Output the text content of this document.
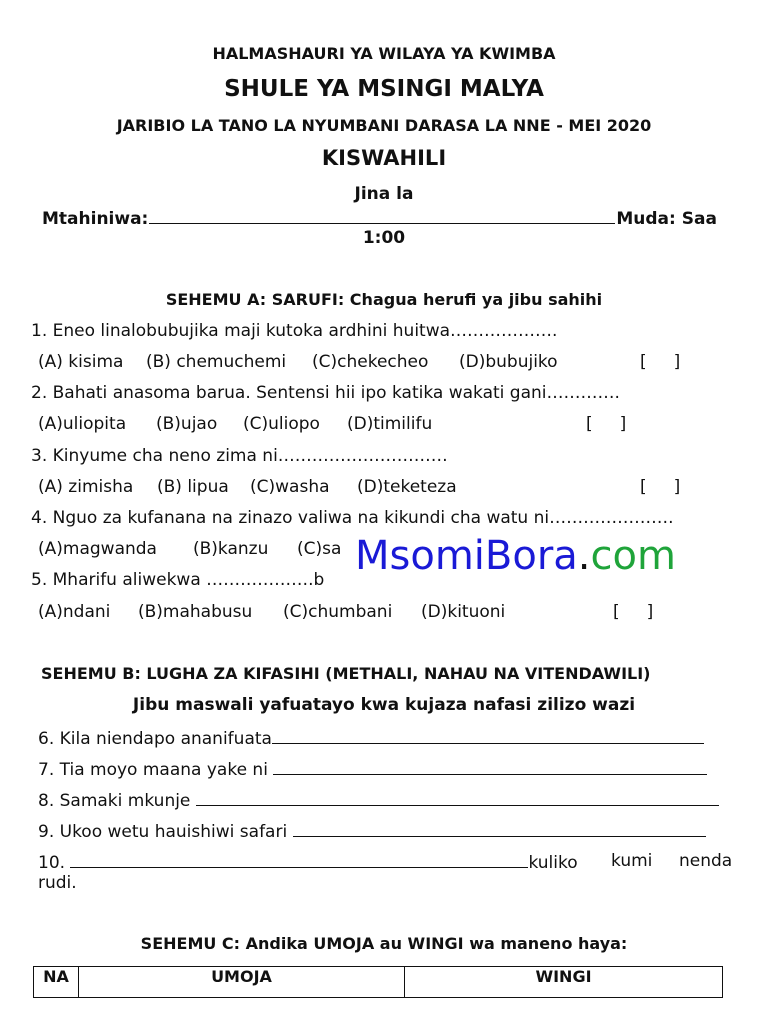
HALMASHAURI YA WILAYA YA KWIMBA
SHULE YA MSINGI MALYA
JARIBIO LA TANO LA NYUMBANI DARASA LA NNE - MEI 2020
KISWAHILI
Jina la
Mtahiniwa:	Muda: Saa
1:00
SEHEMU A: SARUFI: Chagua herufi ya jibu sahihi
1. Eneo linalobubujika maji kutoka ardhini huitwa……………….
(A) kisima (B) chemuchemi (C)chekecheo (D)bubujiko	[     ]
2. Bahati anasoma barua. Sentensi hii ipo katika wakati gani………….
(A)uliopita (B)ujao (C)uliopo (D)timilifu	[     ]
3. Kinyume cha neno zima ni…………………………
(A) zimisha (B) lipua (C)washa (D)teketeza	[     ]
4. Nguo za kufanana na zinazo valiwa na kikundi cha watu ni………………….
(A)magwanda (B)kanzu (C)sa
5. Mharifu aliwekwa ……………….b
(A)ndani (B)mahabusu (C)chumbani (D)kituoni	[     ]
MsomiBora.com
SEHEMU B: LUGHA ZA KIFASIHI (METHALI, NAHAU NA VITENDAWILI)
Jibu maswali yafuatayo kwa kujaza nafasi zilizo wazi
6. Kila niendapo ananifuata
7. Tia moyo maana yake ni
8. Samaki mkunje
9. Ukoo wetu hauishiwi safari
10.	kuliko kumi nenda
rudi.
SEHEMU C: Andika UMOJA au WINGI wa maneno haya:
NA	UMOJA	WINGI
